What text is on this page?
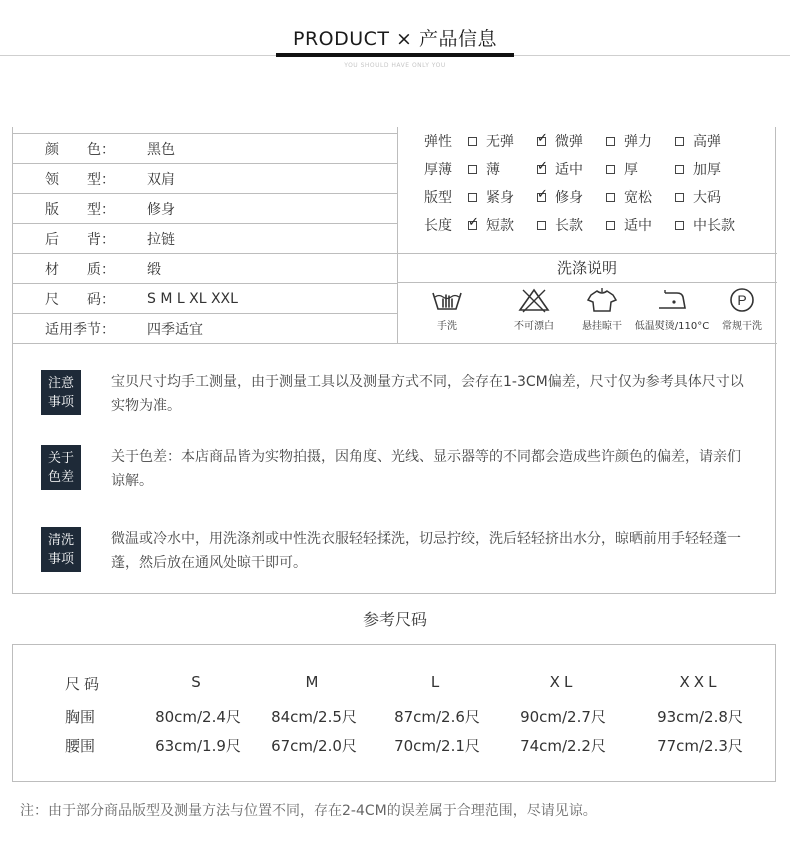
PRODUCT × 产品信息
YOU SHOULD HAVE ONLY YOU
颜　　色：	黑色
领　　型：	双肩
版　　型：	修身
后　　背：	拉链
材　　质：	缎
尺　　码：	S M L XL XXL
适用季节：	四季适宜
弹性	无弹 ✓	微弹	弹力	高弹
厚薄	薄 ✓	适中	厚	加厚
版型	紧身 ✓	修身	宽松	大码
长度 ✓	短款	长款	适中	中长款
洗涤说明
手洗	不可漂白	悬挂晾干	低温熨烫/110°C
P
常规干洗
注意
事项
宝贝尺寸均手工测量，由于测量工具以及测量方式不同，会存在1-3CM偏差，尺寸仅为参考具体尺寸以实物为准。
关于
色差
关于色差：本店商品皆为实物拍摄，因角度、光线、显示器等的不同都会造成些许颜色的偏差，请亲们谅解。
清洗
事项
微温或冷水中，用洗涤剂或中性洗衣服轻轻揉洗，切忌拧绞，洗后轻轻挤出水分，晾晒前用手轻轻蓬一蓬，然后放在通风处晾干即可。
参考尺码
尺码	S	M	L	XL	XXL
胸围	80cm/2.4尺	84cm/2.5尺	87cm/2.6尺	90cm/2.7尺	93cm/2.8尺
腰围	63cm/1.9尺	67cm/2.0尺	70cm/2.1尺	74cm/2.2尺	77cm/2.3尺
注：由于部分商品版型及测量方法与位置不同，存在2-4CM的误差属于合理范围，尽请见谅。
